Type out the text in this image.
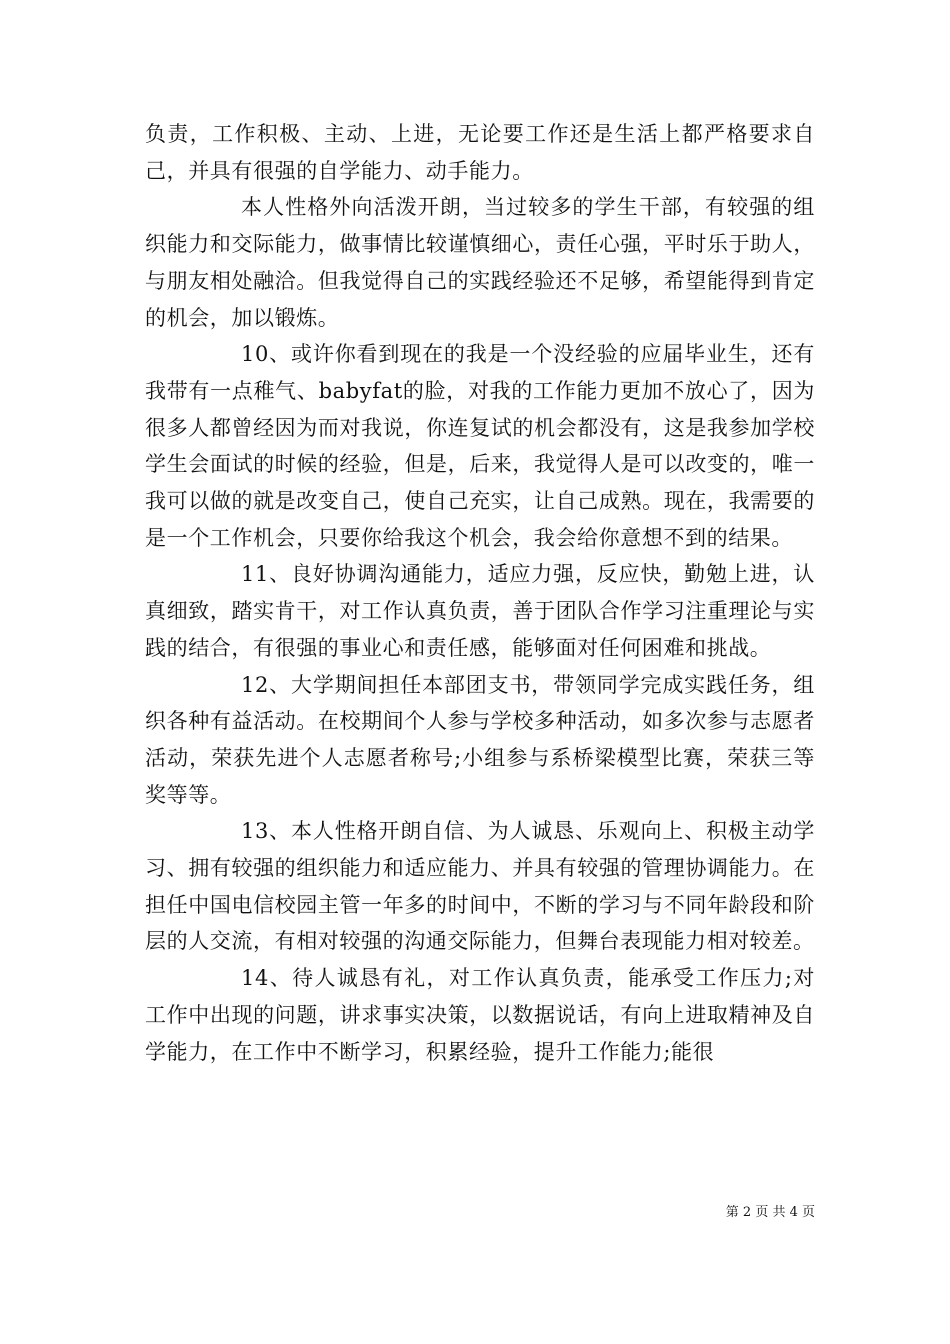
负责，工作积极、主动、上进，无论要工作还是生活上都严格要求自己，并具有很强的自学能力、动手能力。

本人性格外向活泼开朗，当过较多的学生干部，有较强的组织能力和交际能力，做事情比较谨慎细心，责任心强，平时乐于助人，与朋友相处融洽。但我觉得自己的实践经验还不足够，希望能得到肯定的机会，加以锻炼。

10、或许你看到现在的我是一个没经验的应届毕业生，还有我带有一点稚气、babyfat的脸，对我的工作能力更加不放心了，因为很多人都曾经因为而对我说，你连复试的机会都没有，这是我参加学校学生会面试的时候的经验，但是，后来，我觉得人是可以改变的，唯一我可以做的就是改变自己，使自己充实，让自己成熟。现在，我需要的是一个工作机会，只要你给我这个机会，我会给你意想不到的结果。

11、良好协调沟通能力，适应力强，反应快，勤勉上进，认真细致，踏实肯干，对工作认真负责，善于团队合作学习注重理论与实践的结合，有很强的事业心和责任感，能够面对任何困难和挑战。

12、大学期间担任本部团支书，带领同学完成实践任务，组织各种有益活动。在校期间个人参与学校多种活动，如多次参与志愿者活动，荣获先进个人志愿者称号;小组参与系桥梁模型比赛，荣获三等奖等等。

13、本人性格开朗自信、为人诚恳、乐观向上、积极主动学习、拥有较强的组织能力和适应能力、并具有较强的管理协调能力。在担任中国电信校园主管一年多的时间中，不断的学习与不同年龄段和阶层的人交流，有相对较强的沟通交际能力，但舞台表现能力相对较差。

14、待人诚恳有礼，对工作认真负责，能承受工作压力;对工作中出现的问题，讲求事实决策，以数据说话，有向上进取精神及自学能力，在工作中不断学习，积累经验，提升工作能力;能很

第 2 页 共 4 页
